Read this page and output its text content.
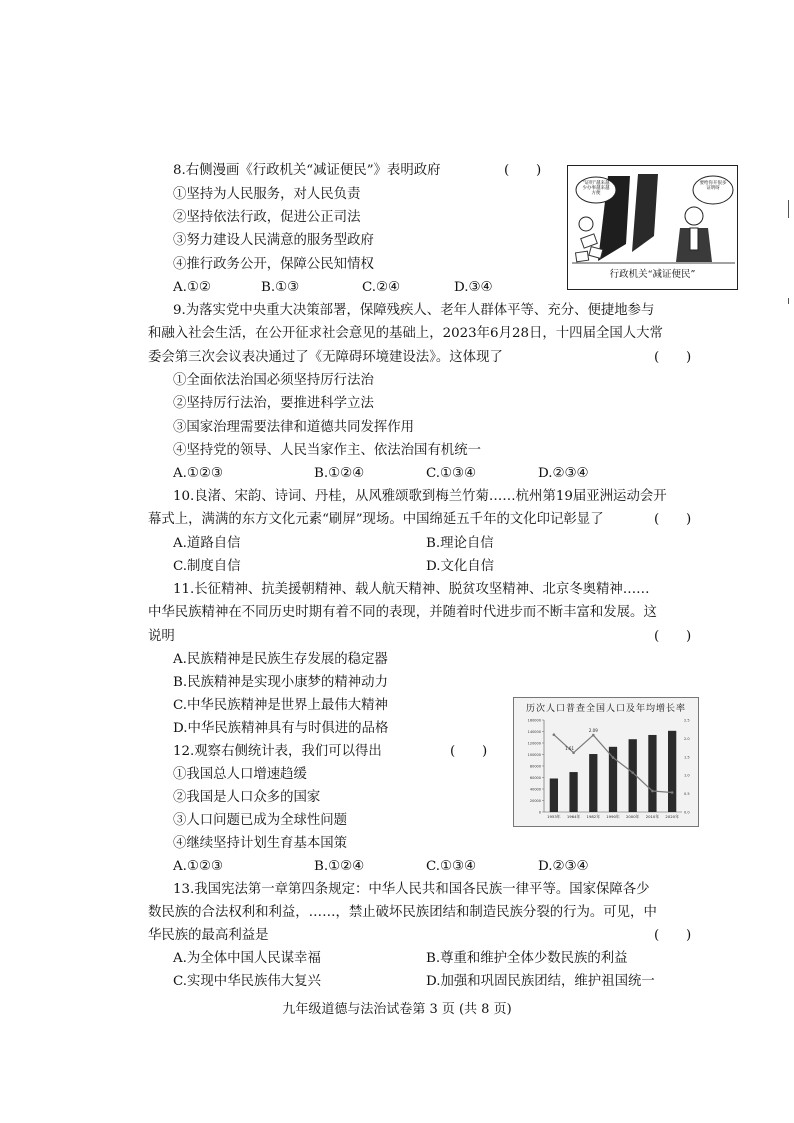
8.右侧漫画《行政机关“减证便民”》表明政府	(　　)
①坚持为人民服务，对人民负责
②坚持依法行政，促进公正司法
③努力建设人民满意的服务型政府
④推行政务公开，保障公民知情权
A.①②	B.①③	C.②④	D.③④
“证明”越来越少办事越来越方便
要给你开很多证明呀
行政机关“减证便民”
9.为落实党中央重大决策部署，保障残疾人、老年人群体平等、充分、便捷地参与
和融入社会生活，在公开征求社会意见的基础上，2023年6月28日，十四届全国人大常
委会第三次会议表决通过了《无障碍环境建设法》。这体现了	(　　)
①全面依法治国必须坚持厉行法治
②坚持厉行法治，要推进科学立法
③国家治理需要法律和道德共同发挥作用
④坚持党的领导、人民当家作主、依法治国有机统一
A.①②③	B.①②④	C.①③④	D.②③④
10.良渚、宋韵、诗词、丹桂，从风雅颂歌到梅兰竹菊……杭州第19届亚洲运动会开
幕式上，满满的东方文化元素“刷屏”现场。中国绵延五千年的文化印记彰显了	(　　)
A.道路自信	B.理论自信
C.制度自信	D.文化自信
11.长征精神、抗美援朝精神、载人航天精神、脱贫攻坚精神、北京冬奥精神……
中华民族精神在不同历史时期有着不同的表现，并随着时代进步而不断丰富和发展。这
说明	(　　)
A.民族精神是民族生存发展的稳定器
B.民族精神是实现小康梦的精神动力
C.中华民族精神是世界上最伟大精神
D.中华民族精神具有与时俱进的品格
12.观察右侧统计表，我们可以得出	(　　)
①我国总人口增速趋缓
②我国是人口众多的国家
③人口问题已成为全球性问题
④继续坚持计划生育基本国策
A.①②③	B.①②④	C.①③④	D.②③④
历次人口普查全国人口及年均增长率
160000
140000
120000
100000
80000
60000
40000
20000
0
2.5
2.0
1.5
1.0
0.5
0.0
1953年 1964年 1982年 1990年 2000年 2010年 2020年
1.61
2.09
13.我国宪法第一章第四条规定：中华人民共和国各民族一律平等。国家保障各少
数民族的合法权利和利益，……，禁止破坏民族团结和制造民族分裂的行为。可见，中
华民族的最高利益是	(　　)
A.为全体中国人民谋幸福	B.尊重和维护全体少数民族的利益
C.实现中华民族伟大复兴	D.加强和巩固民族团结，维护祖国统一
九年级道德与法治试卷第 3 页 (共 8 页)
